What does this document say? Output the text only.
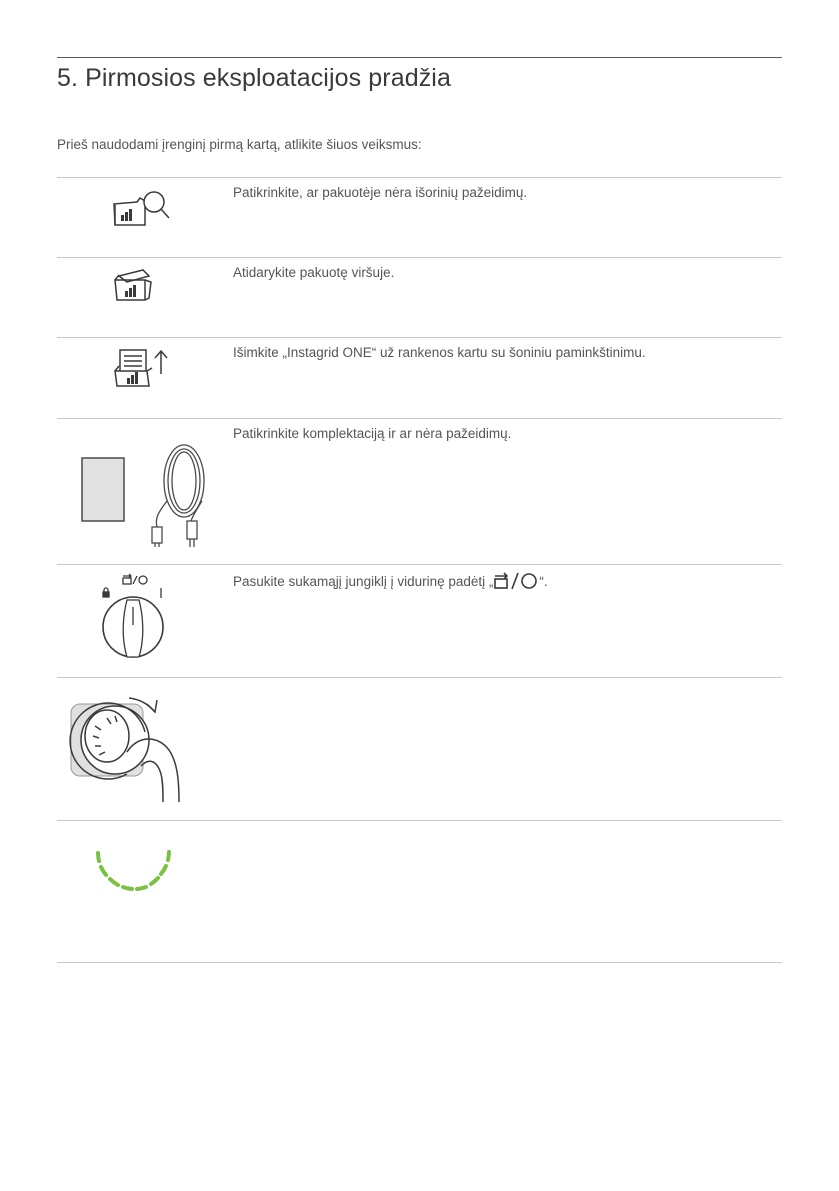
5. Pirmosios eksploatacijos pradžia
Prieš naudodami įrenginį pirmą kartą, atlikite šiuos veiksmus:
Patikrinkite, ar pakuotėje nėra išorinių pažeidimų.
Atidarykite pakuotę viršuje.
Išimkite „Instagrid ONE“ už rankenos kartu su šoniniu paminkštinimu.
Patikrinkite komplektaciją ir ar nėra pažeidimų.
Pasukite sukamąjį jungiklį į vidurinę padėtį „	“.
